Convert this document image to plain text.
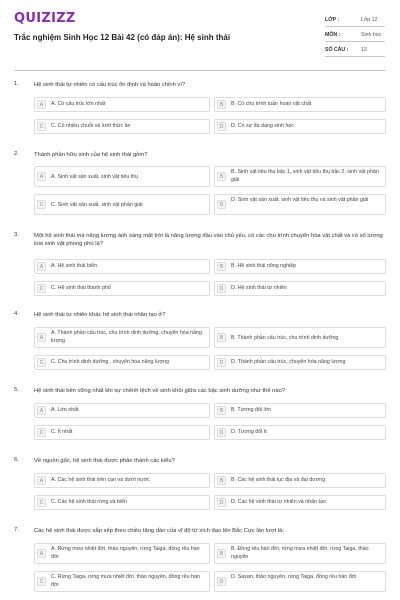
QUIZIZZ
Trắc nghiệm Sinh Học 12 Bài 42 (có đáp án): Hệ sinh thái
LỚP :	Lớp 12
MÔN :	Sinh học
SỐ CÂU : 13
1.	Hệ sinh thái tự nhiên có cấu trúc ổn định và hoàn chỉnh vì?
A	A. Có cấu trúc lớn nhất	B	B. Có chu trình tuần hoàn vật chất
C	C. Có nhiều chuỗi và lưới thức ăn	D	D. Có sự đa dạng sinh học
2.	Thành phần hữu sinh của hệ sinh thái gồm?
A	A. Sinh vật sản xuất, sinh vật tiêu thụ	B
B. Sinh vật tiêu thụ bậc 1, sinh vật tiêu thụ bậc 2, sinh vật phân giải
C	C. Sinh vật sản xuất, sinh vật phân giải	D
D. Sinh vật sản xuất, sinh vật tiêu thụ và sinh vật phân giải
3.	Một hệ sinh thái mà năng lượng ánh sáng mặt trời là năng lượng đầu vào chủ yếu, có các chu trình chuyển hóa vật chất và có số lượng loài sinh vật phong phú là?
A	A. Hệ sinh thái biển	B	B. Hệ sinh thái nông nghiệp
C	C. Hệ sinh thái thành phố	D	D. Hệ sinh thái tự nhiên
4.	Hệ sinh thái tự nhiên khác hệ sinh thái nhân tạo ở?
A
A. Thành phần cấu trúc, chu trình dinh dưỡng, chuyển hóa năng lượng	B	B. Thành phần cấu trúc, chu trình dinh dưỡng
C	C. Chu trình dinh dưỡng , chuyển hóa năng lượng	D	D. Thành phần cấu trúc, chuyển hóa năng lượng
5.	Hệ sinh thái bền vững nhất khi sự chênh lệch về sinh khối giữa các bậc sinh dưỡng như thế nào?
A	A. Lớn nhất	B	B. Tương đối lớn
C	C. Ít nhất	D	D. Tương đối ít
6.	Về nguồn gốc, hệ sinh thái được phân thành các kiểu?
A	A. Các hệ sinh thái trên cạn và dưới nước	B	B. Các hệ sinh thái lục địa và đại dương
C	C. Các hệ sinh thái rừng và biển	D	D. Các hệ sinh thái tự nhiên và nhân tạo
7.	Các hệ sinh thái được sắp xếp theo chiều tăng dần của vĩ độ từ xích đạo lên Bắc Cực lần lượt là:
A
A. Rừng mưa nhiệt đới, thảo nguyên, rừng Taiga, đồng rêu hàn đới	B
B. Đồng rêu hàn đới, rừng mưa nhiệt đới, rừng Taiga, thảo nguyên
C
C. Rừng Taiga, rừng mưa nhiệt đới, thảo nguyên, đồng rêu hàn đới	D
D. Savan, thảo nguyên, rừng Taiga, đồng rêu hàn đới
